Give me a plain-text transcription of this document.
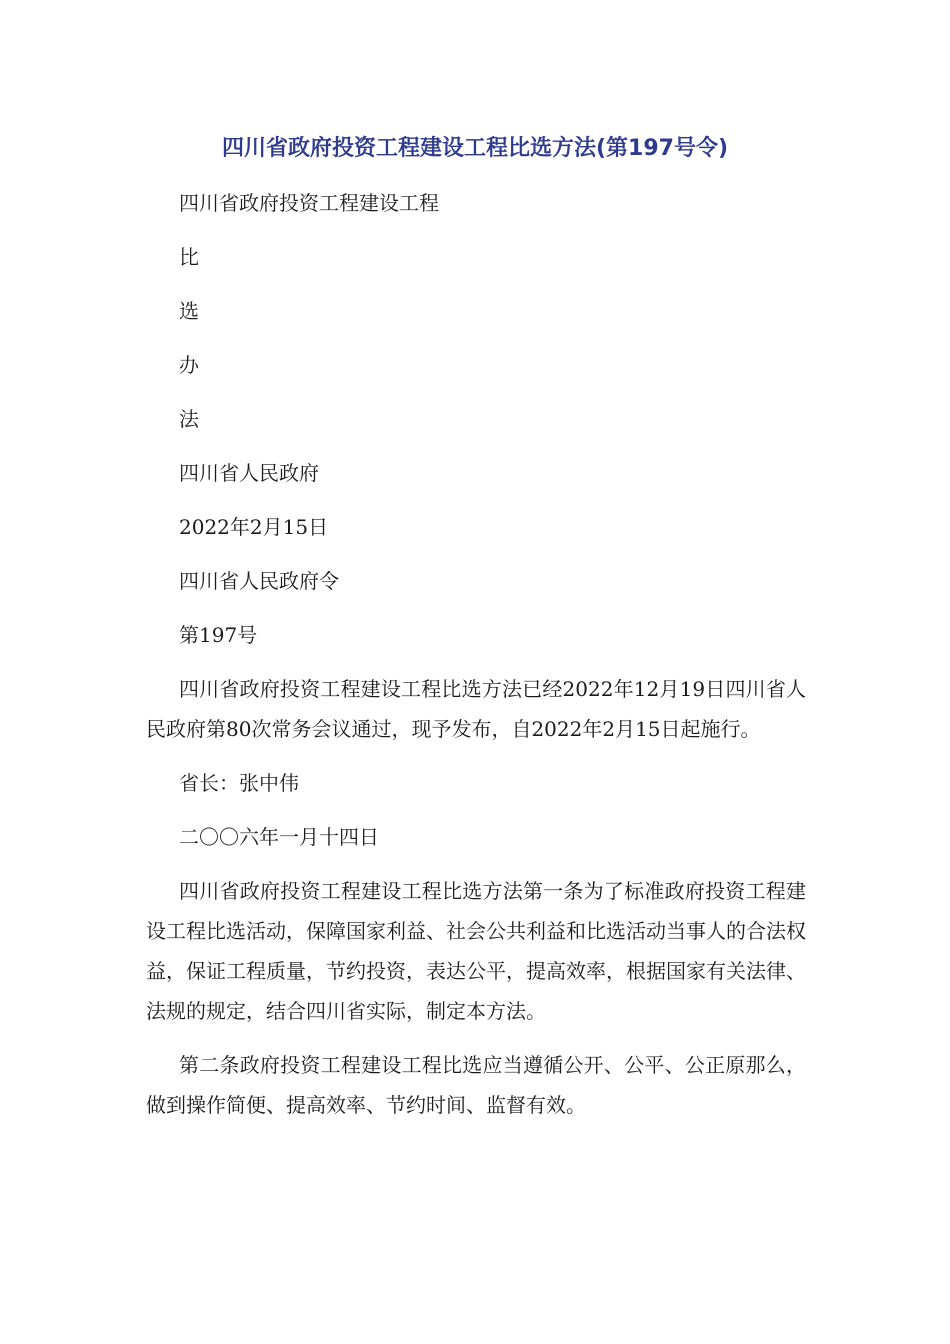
四川省政府投资工程建设工程比选方法(第197号令)

四川省政府投资工程建设工程

比

选

办

法

四川省人民政府

2022年2月15日

四川省人民政府令

第197号

四川省政府投资工程建设工程比选方法已经2022年12月19日四川省人民政府第80次常务会议通过，现予发布，自2022年2月15日起施行。

省长：张中伟

二〇〇六年一月十四日

四川省政府投资工程建设工程比选方法第一条为了标准政府投资工程建设工程比选活动，保障国家利益、社会公共利益和比选活动当事人的合法权益，保证工程质量，节约投资，表达公平，提高效率，根据国家有关法律、法规的规定，结合四川省实际，制定本方法。

第二条政府投资工程建设工程比选应当遵循公开、公平、公正原那么，做到操作简便、提高效率、节约时间、监督有效。
